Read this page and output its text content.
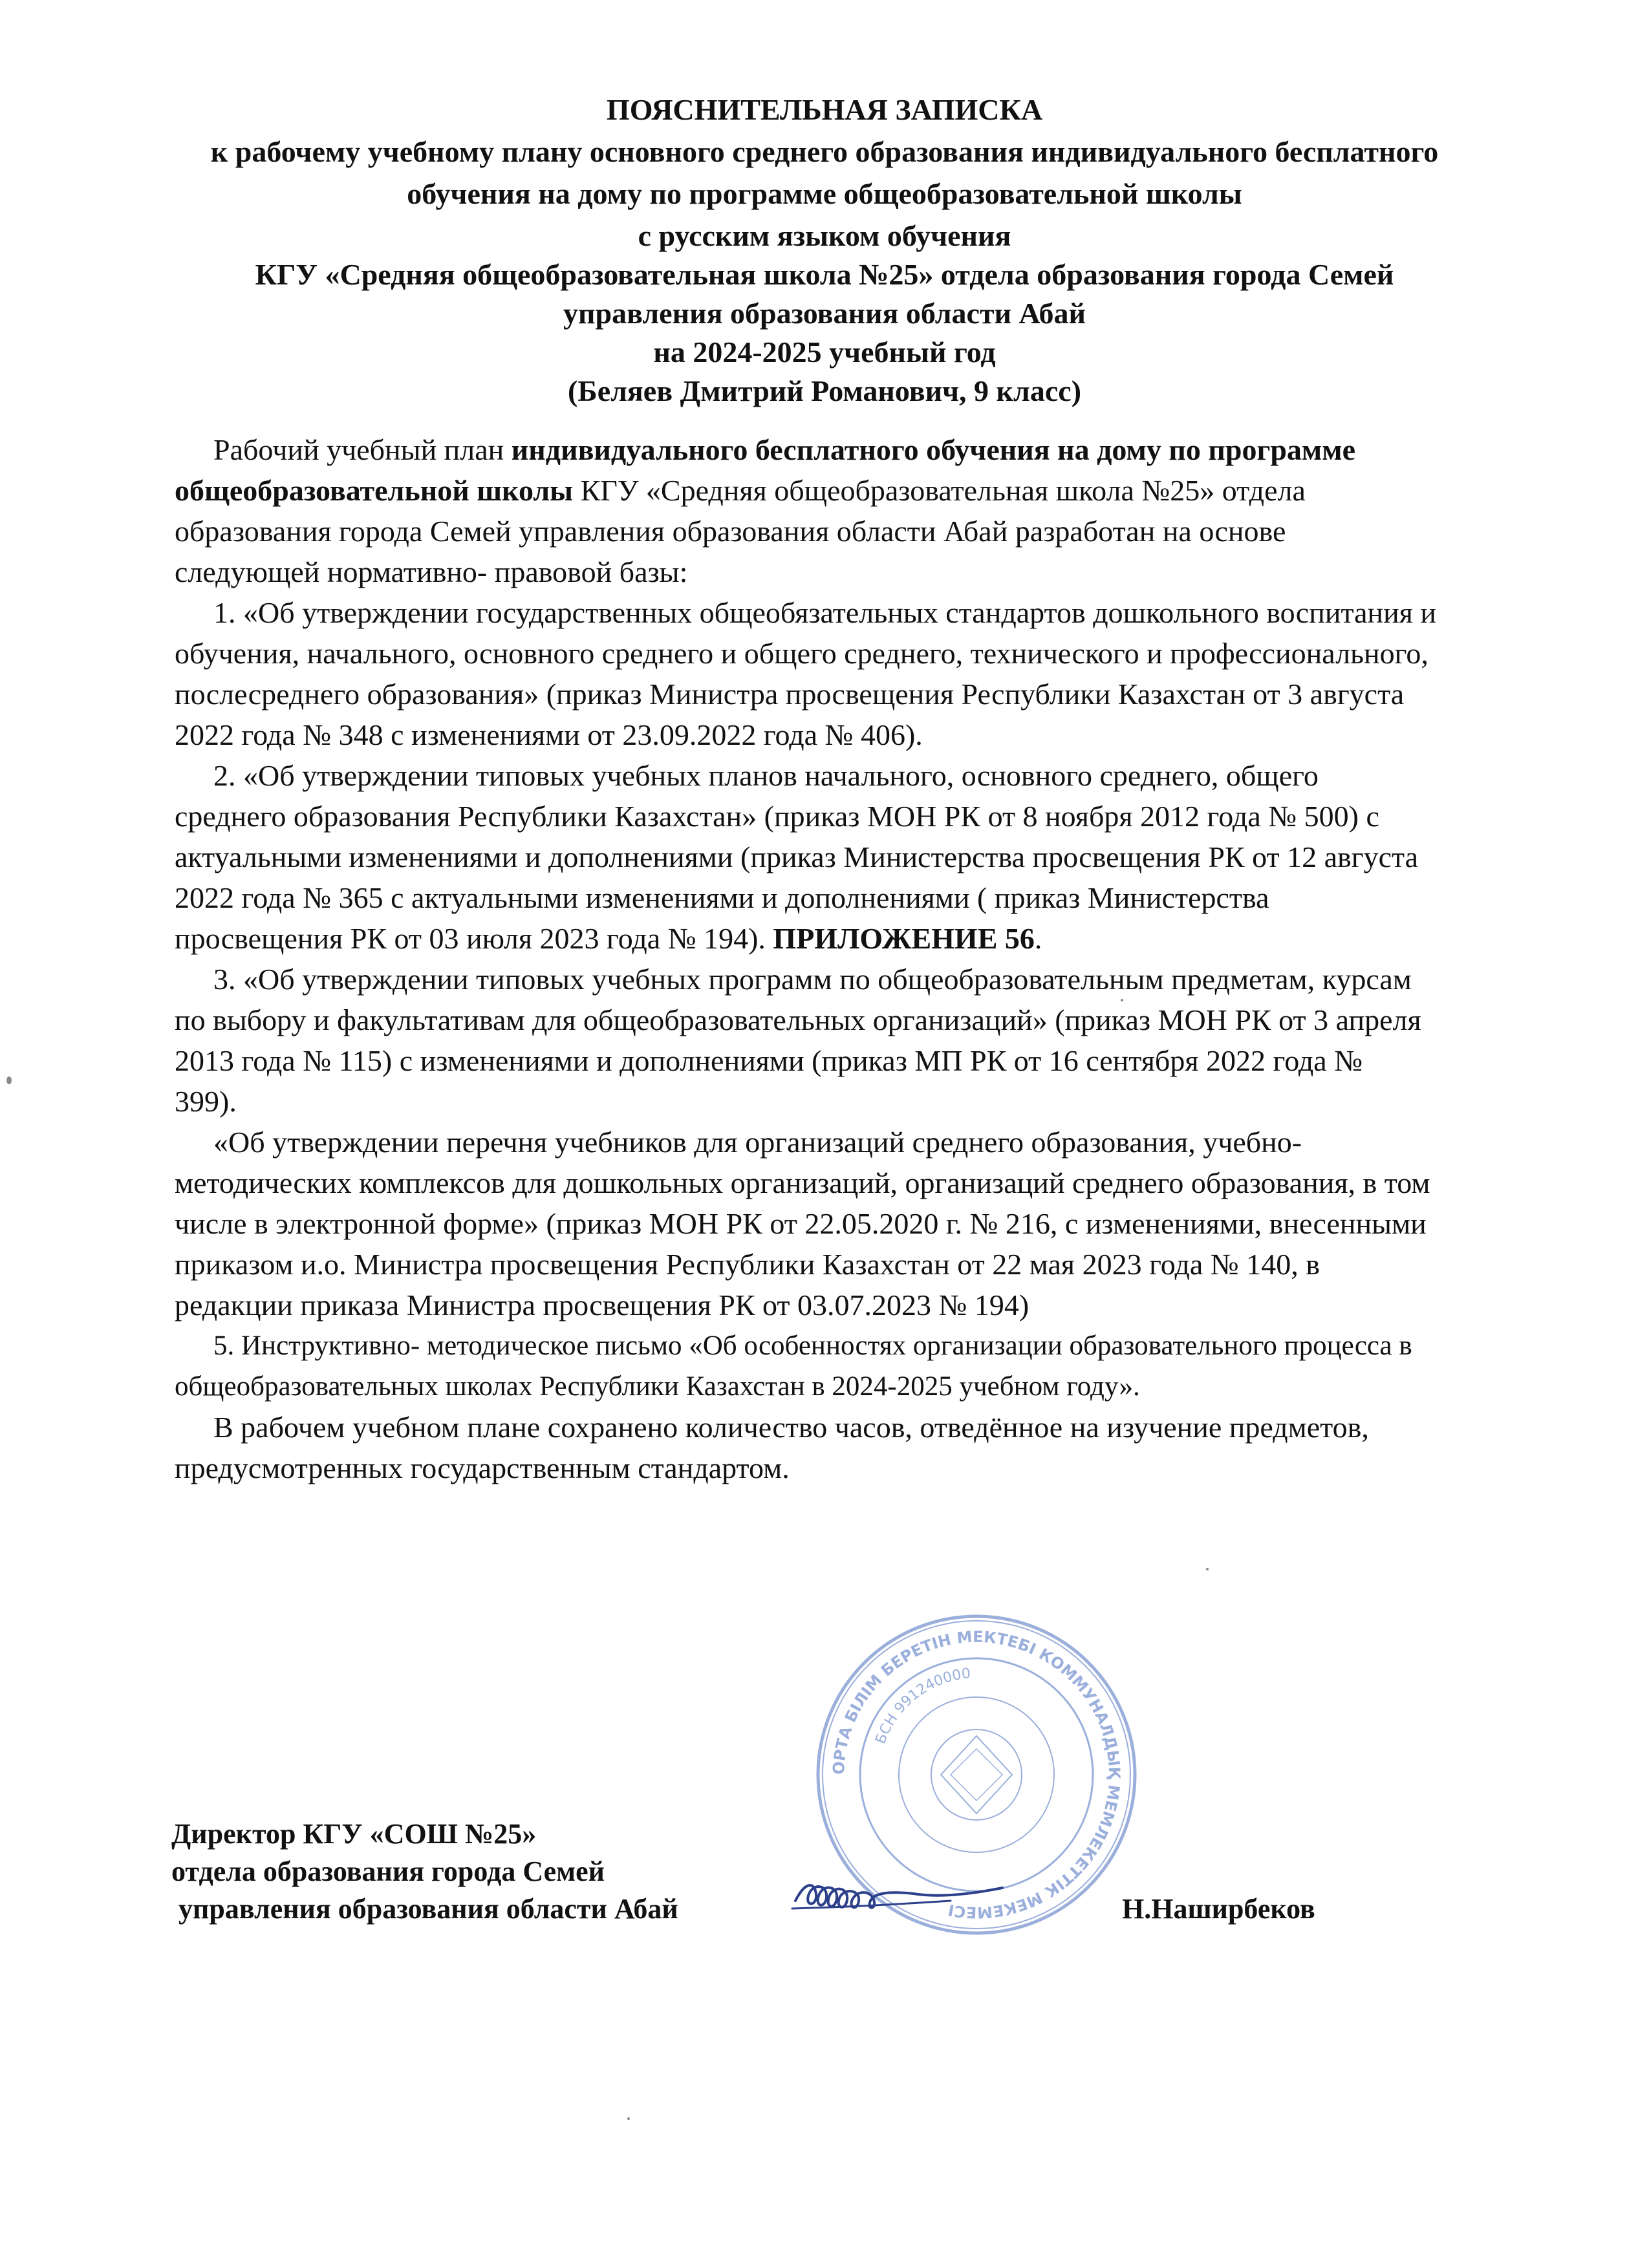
ПОЯСНИТЕЛЬНАЯ ЗАПИСКА
к рабочему учебному плану основного среднего образования индивидуального бесплатного
обучения на дому по программе общеобразовательной школы
с русским языком обучения
КГУ «Средняя общеобразовательная школа №25» отдела образования города Семей
управления образования области Абай
на 2024-2025 учебный год
(Беляев Дмитрий Романович, 9 класс)
Рабочий учебный план индивидуального бесплатного обучения на дому по программе
общеобразовательной школы КГУ «Средняя общеобразовательная школа №25» отдела
образования города Семей управления образования области Абай разработан на основе
следующей нормативно- правовой базы:
1. «Об утверждении государственных общеобязательных стандартов дошкольного воспитания и
обучения, начального, основного среднего и общего среднего, технического и профессионального,
послесреднего образования» (приказ Министра просвещения Республики Казахстан от 3 августа
2022 года № 348 с изменениями от 23.09.2022 года № 406).
2. «Об утверждении типовых учебных планов начального, основного среднего, общего
среднего образования Республики Казахстан» (приказ МОН РК от 8 ноября 2012 года № 500) с
актуальными изменениями и дополнениями (приказ Министерства просвещения РК от 12 августа
2022 года № 365 с актуальными изменениями и дополнениями ( приказ Министерства
просвещения РК от 03 июля 2023 года № 194). ПРИЛОЖЕНИЕ 56.
3. «Об утверждении типовых учебных программ по общеобразовательным предметам, курсам
по выбору и факультативам для общеобразовательных организаций» (приказ МОН РК от 3 апреля
2013 года № 115) с изменениями и дополнениями (приказ МП РК от 16 сентября 2022 года №
399).
«Об утверждении перечня учебников для организаций среднего образования, учебно-
методических комплексов для дошкольных организаций, организаций среднего образования, в том
числе в электронной форме» (приказ МОН РК от 22.05.2020 г. № 216, с изменениями, внесенными
приказом и.о. Министра просвещения Республики Казахстан от 22 мая 2023 года № 140, в
редакции приказа Министра просвещения РК от 03.07.2023 № 194)
5. Инструктивно- методическое письмо «Об особенностях организации образовательного процесса в
общеобразовательных школах Республики Казахстан в 2024-2025 учебном году».
В рабочем учебном плане сохранено количество часов, отведённое на изучение предметов,
предусмотренных государственным стандартом.
ОРТА БІЛІМ БЕРЕТІН МЕКТЕБІ КОММУНАЛДЫҚ МЕМЛЕКЕТТІК МЕКЕМЕСІ
БСН 991240000
Директор КГУ «СОШ №25»
отдела образования города Семей
управления образования области Абай	Н.Наширбеков
